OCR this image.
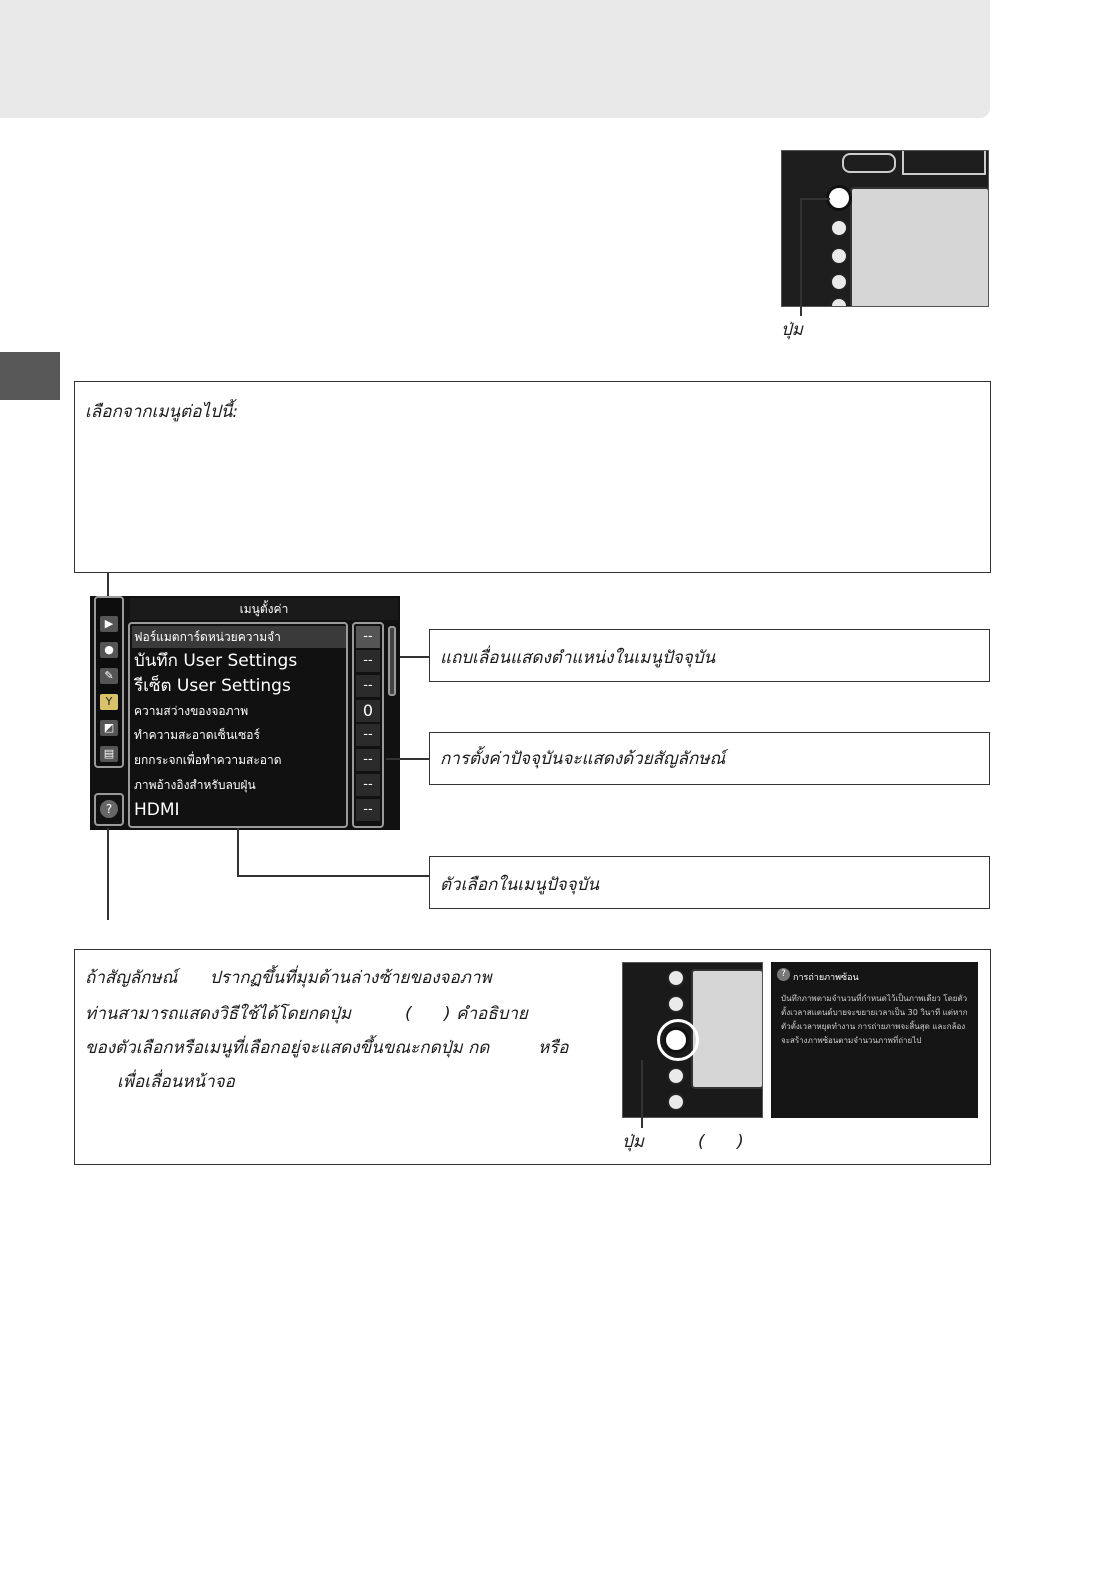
ปุ่ม
เลือกจากเมนูต่อไปนี้:
เมนูตั้งค่า
▶
●
✎
Y
◩
▤
?
ฟอร์แมตการ์ดหน่วยความจำ
บันทึก User Settings
รีเซ็ต User Settings
ความสว่างของจอภาพ
ทำความสะอาดเซ็นเซอร์
ยกกระจกเพื่อทำความสะอาด
ภาพอ้างอิงสำหรับลบฝุ่น
HDMI
--
--
--
0
--
--
--
--
แถบเลื่อนแสดงตำแหน่งในเมนูปัจจุบัน
การตั้งค่าปัจจุบันจะแสดงด้วยสัญลักษณ์
ตัวเลือกในเมนูปัจจุบัน
ถ้าสัญลักษณ์      ปรากฏขึ้นที่มุมด้านล่างซ้ายของจอภาพ
ท่านสามารถแสดงวิธีใช้ได้โดยกดปุ่ม          (      ) คำอธิบาย
ของตัวเลือกหรือเมนูที่เลือกอยู่จะแสดงขึ้นขณะกดปุ่ม กด         หรือ
เพื่อเลื่อนหน้าจอ
ปุ่ม          (      )
? การถ่ายภาพซ้อน
บันทึกภาพตามจำนวนที่กำหนดไว้เป็นภาพเดียว โดยตัวตั้งเวลาสแตนด์บายจะขยายเวลาเป็น 30 วินาที แต่หากตัวตั้งเวลาหยุดทำงาน การถ่ายภาพจะสิ้นสุด และกล้องจะสร้างภาพซ้อนตามจำนวนภาพที่ถ่ายไป
